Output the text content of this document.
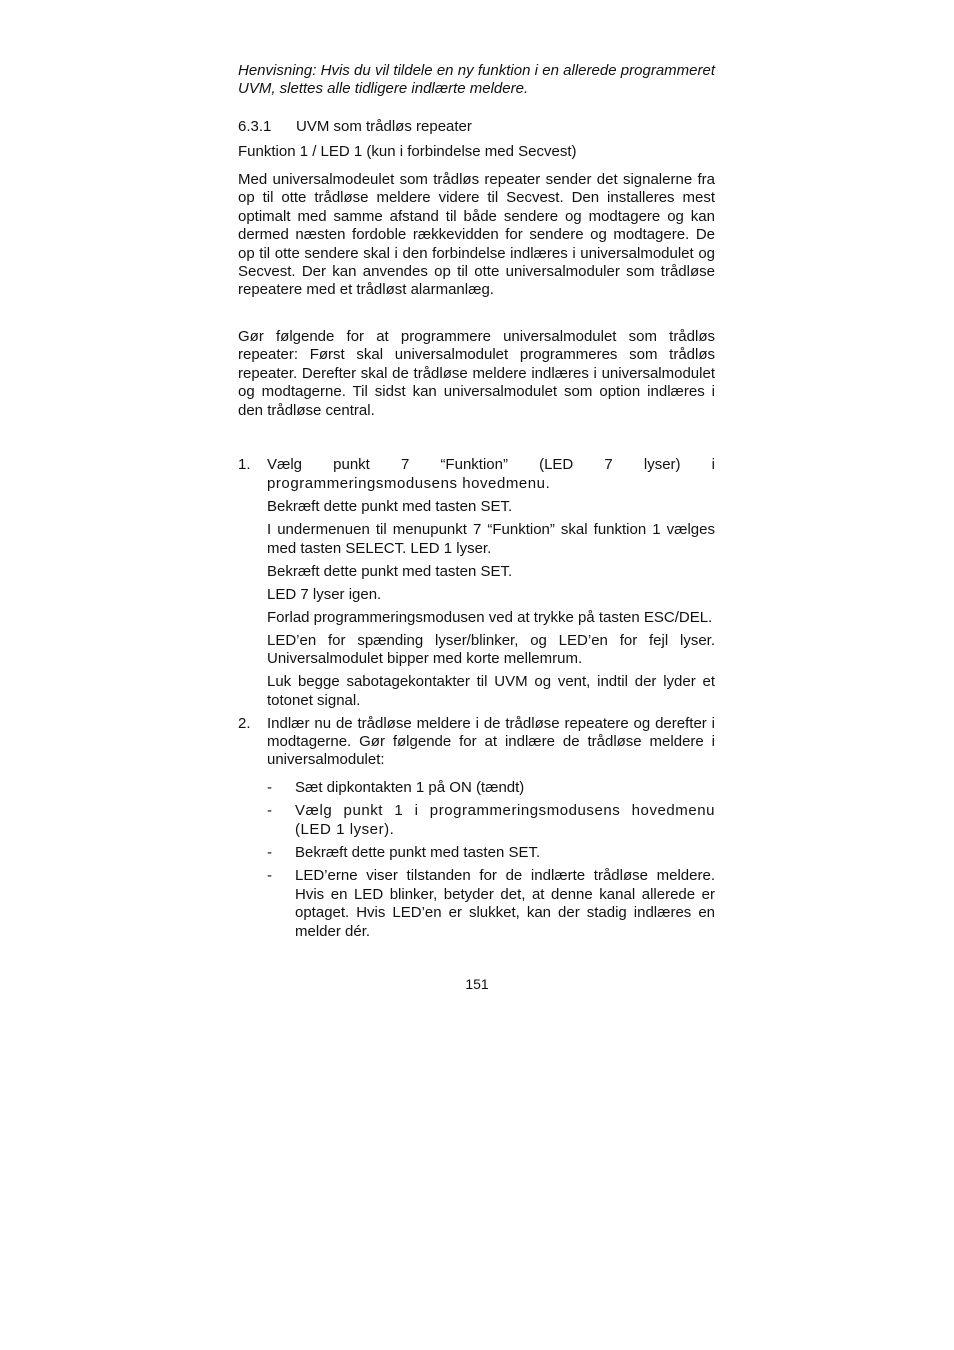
Henvisning: Hvis du vil tildele en ny funktion i en allerede programmeret UVM, slettes alle tidligere indlærte meldere.
6.3.1 UVM som trådløs repeater
Funktion 1 / LED 1 (kun i forbindelse med Secvest)
Med universalmodeulet som trådløs repeater sender det signalerne fra op til otte trådløse meldere videre til Secvest. Den installeres mest optimalt med samme afstand til både sendere og modtagere og kan dermed næsten fordoble rækkevidden for sendere og modtagere. De op til otte sendere skal i den forbindelse indlæres i universalmodulet og Secvest. Der kan anvendes op til otte universalmoduler som trådløse repeatere med et trådløst alarmanlæg.
Gør følgende for at programmere universalmodulet som trådløs repeater: Først skal universalmodulet programmeres som trådløs repeater. Derefter skal de trådløse meldere indlæres i universalmodulet og modtagerne. Til sidst kan universalmodulet som option indlæres i den trådløse central.
1. Vælg punkt 7 “Funktion” (LED 7 lyser) i

programmeringsmodusens hovedmenu.

Bekræft dette punkt med tasten SET.

I undermenuen til menupunkt 7 “Funktion” skal funktion 1 vælges med tasten SELECT. LED 1 lyser.

Bekræft dette punkt med tasten SET.

LED 7 lyser igen.

Forlad programmeringsmodusen ved at trykke på tasten ESC/DEL.

LED’en for spænding lyser/blinker, og LED’en for fejl lyser. Universalmodulet bipper med korte mellemrum.

Luk begge sabotagekontakter til UVM og vent, indtil der lyder et totonet signal.

2. Indlær nu de trådløse meldere i de trådløse repeatere og derefter i modtagerne. Gør følgende for at indlære de trådløse meldere i universalmodulet:

- Sæt dipkontakten 1 på ON (tændt)
- Vælg punkt 1 i programmeringsmodusens hovedmenu (LED 1 lyser).
- Bekræft dette punkt med tasten SET.
- LED’erne viser tilstanden for de indlærte trådløse meldere. Hvis en LED blinker, betyder det, at denne kanal allerede er optaget. Hvis LED’en er slukket, kan der stadig indlæres en melder dér.
151
